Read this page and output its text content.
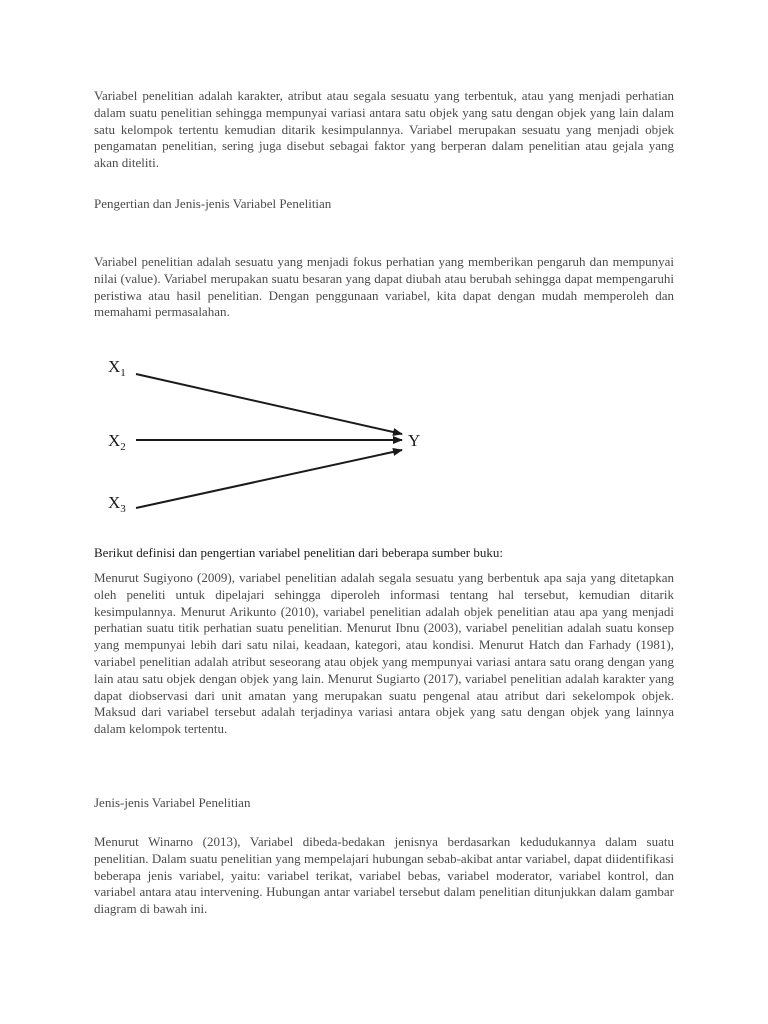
Variabel penelitian adalah karakter, atribut atau segala sesuatu yang terbentuk, atau yang menjadi perhatian dalam suatu penelitian sehingga mempunyai variasi antara satu objek yang satu dengan objek yang lain dalam satu kelompok tertentu kemudian ditarik kesimpulannya. Variabel merupakan sesuatu yang menjadi objek pengamatan penelitian, sering juga disebut sebagai faktor yang berperan dalam penelitian atau gejala yang akan diteliti.

Pengertian dan Jenis-jenis Variabel Penelitian

Variabel penelitian adalah sesuatu yang menjadi fokus perhatian yang memberikan pengaruh dan mempunyai nilai (value). Variabel merupakan suatu besaran yang dapat diubah atau berubah sehingga dapat mempengaruhi peristiwa atau hasil penelitian. Dengan penggunaan variabel, kita dapat dengan mudah memperoleh dan memahami permasalahan.

$X_1$
$X_2$
$X_3$
Y

Berikut definisi dan pengertian variabel penelitian dari beberapa sumber buku:

Menurut Sugiyono (2009), variabel penelitian adalah segala sesuatu yang berbentuk apa saja yang ditetapkan oleh peneliti untuk dipelajari sehingga diperoleh informasi tentang hal tersebut, kemudian ditarik kesimpulannya. Menurut Arikunto (2010), variabel penelitian adalah objek penelitian atau apa yang menjadi perhatian suatu titik perhatian suatu penelitian. Menurut Ibnu (2003), variabel penelitian adalah suatu konsep yang mempunyai lebih dari satu nilai, keadaan, kategori, atau kondisi. Menurut Hatch dan Farhady (1981), variabel penelitian adalah atribut seseorang atau objek yang mempunyai variasi antara satu orang dengan yang lain atau satu objek dengan objek yang lain. Menurut Sugiarto (2017), variabel penelitian adalah karakter yang dapat diobservasi dari unit amatan yang merupakan suatu pengenal atau atribut dari sekelompok objek. Maksud dari variabel tersebut adalah terjadinya variasi antara objek yang satu dengan objek yang lainnya dalam kelompok tertentu.

Jenis-jenis Variabel Penelitian

Menurut Winarno (2013), Variabel dibeda-bedakan jenisnya berdasarkan kedudukannya dalam suatu penelitian. Dalam suatu penelitian yang mempelajari hubungan sebab-akibat antar variabel, dapat diidentifikasi beberapa jenis variabel, yaitu: variabel terikat, variabel bebas, variabel moderator, variabel kontrol, dan variabel antara atau intervening. Hubungan antar variabel tersebut dalam penelitian ditunjukkan dalam gambar diagram di bawah ini.
